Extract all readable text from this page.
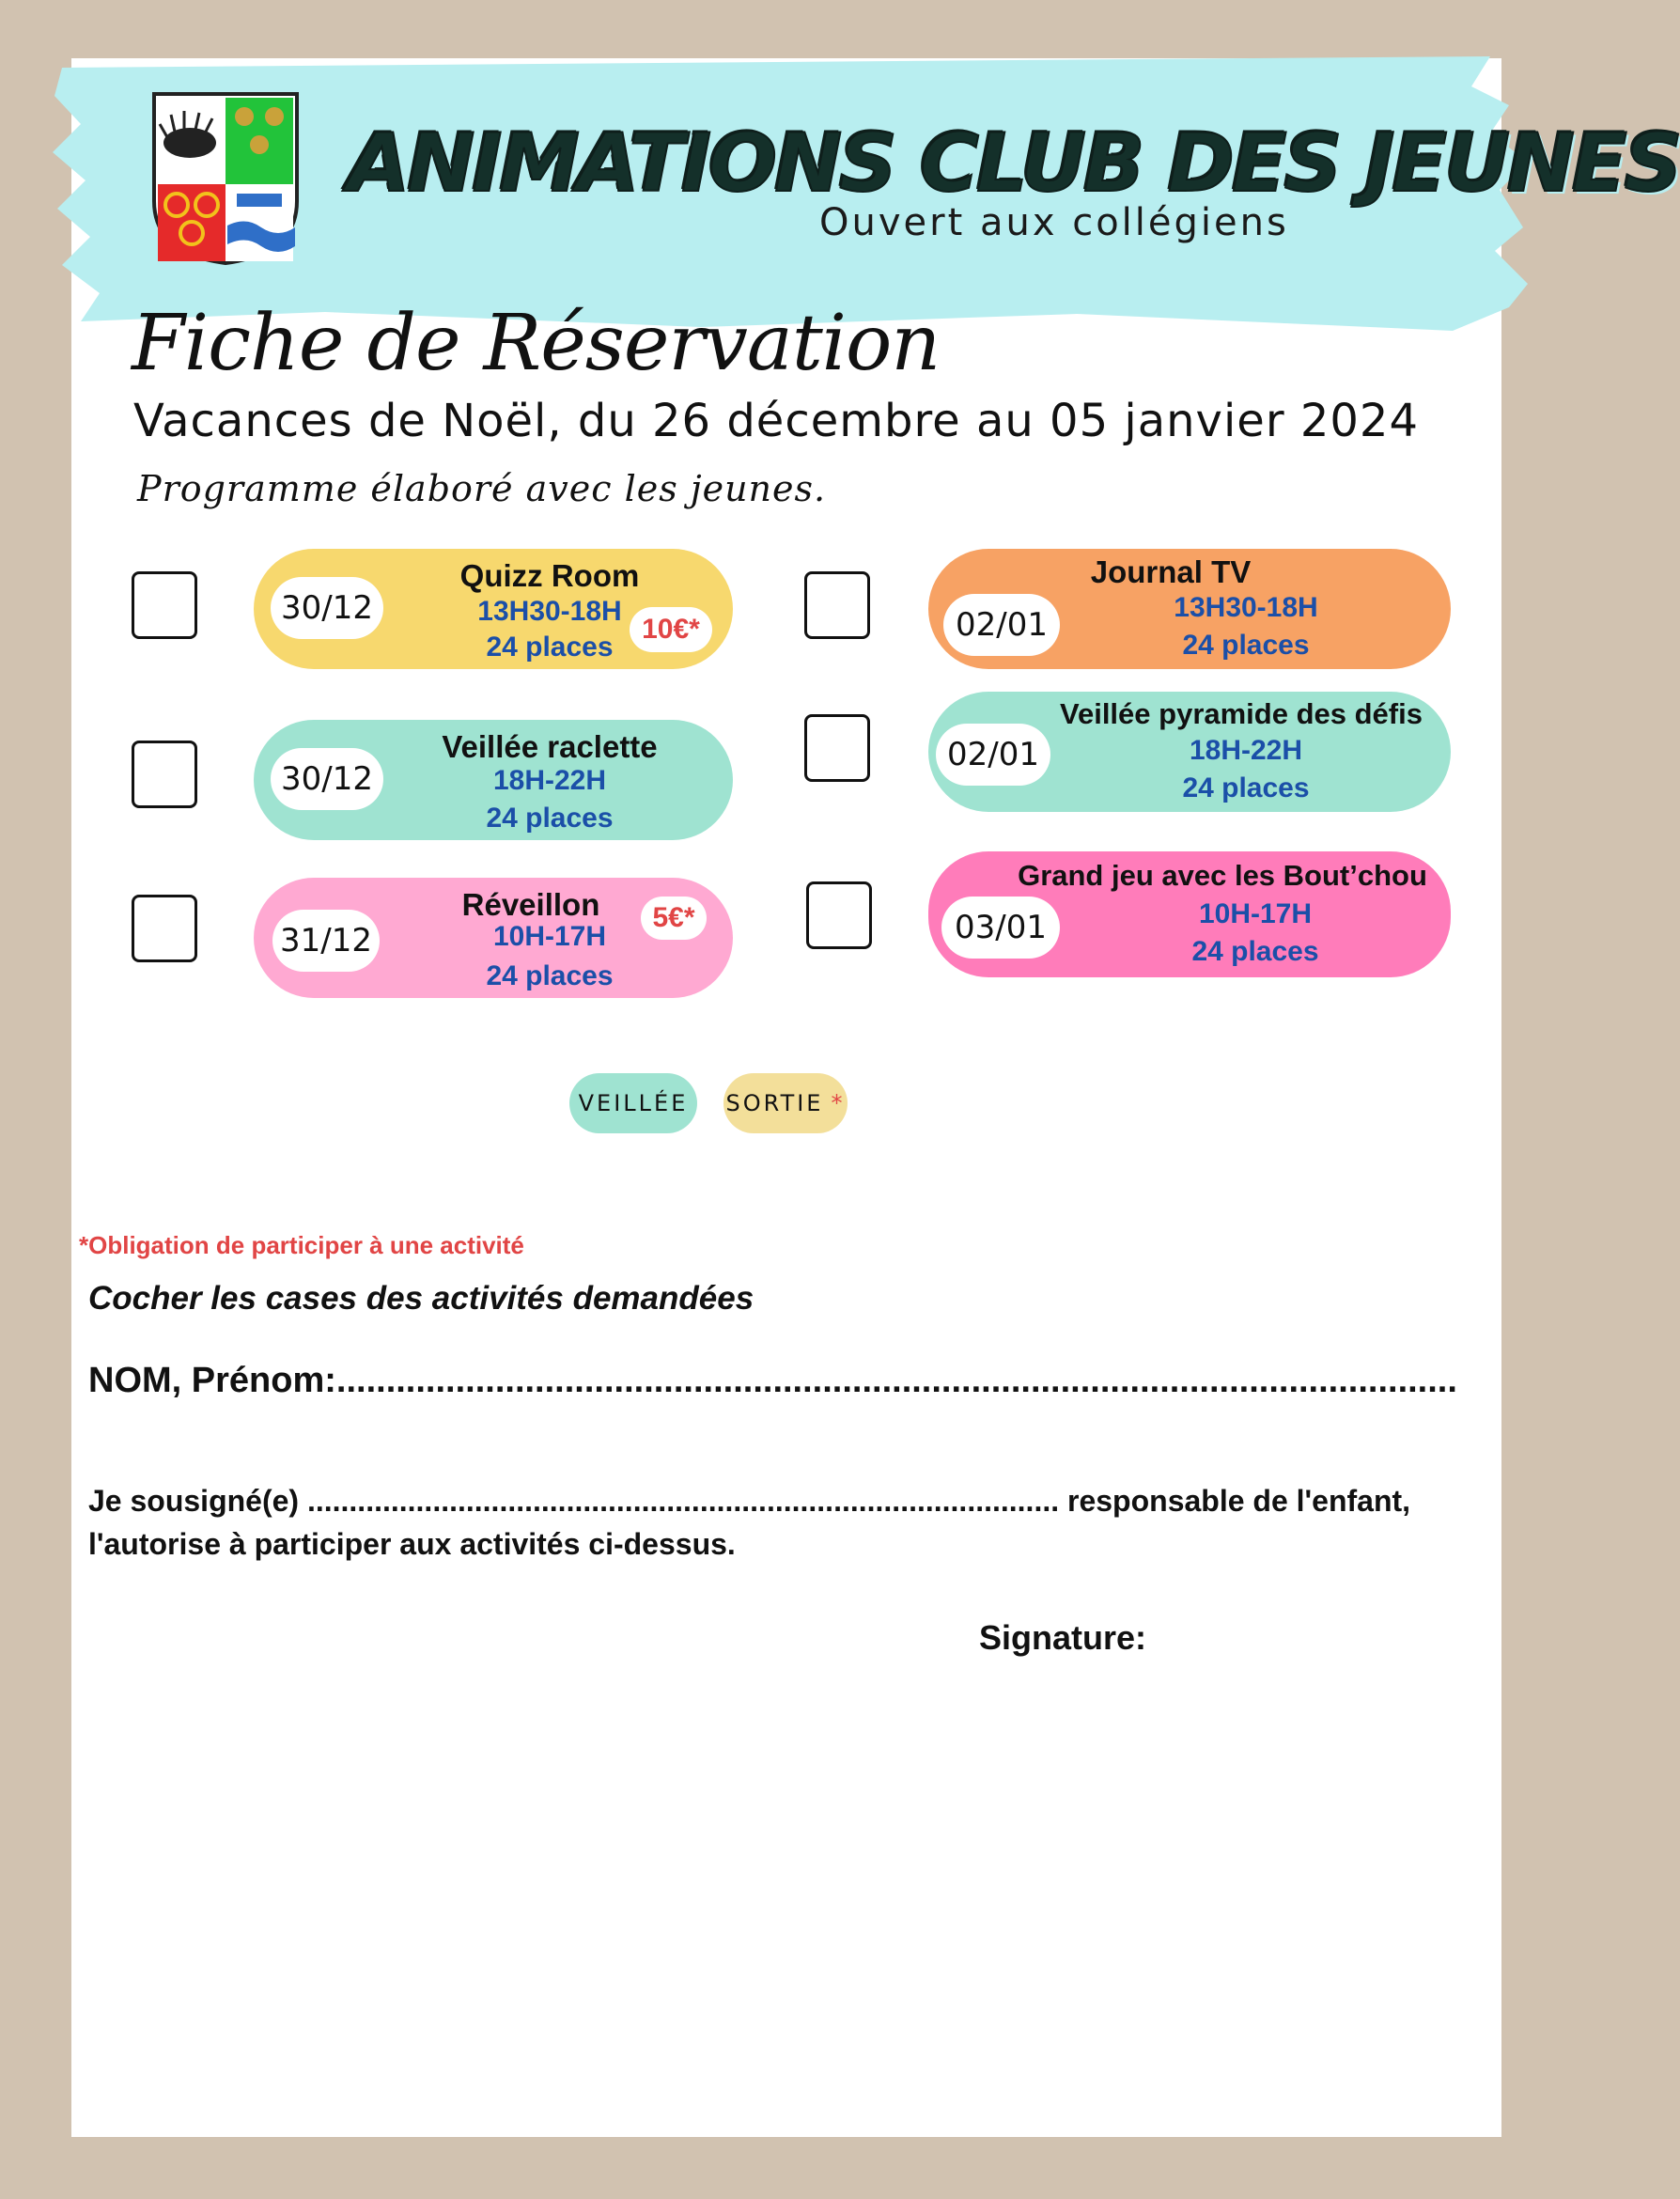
ANIMATIONS CLUB DES JEUNES
Ouvert aux collégiens
Fiche de Réservation
Vacances de Noël, du 26 décembre au 05 janvier 2024
Programme élaboré avec les jeunes.
30/12
Quizz Room
13H30-18H
24 places
10€*
30/12
Veillée raclette
18H-22H
24 places
31/12
Réveillon
10H-17H
24 places
5€*
02/01
Journal TV
13H30-18H
24 places
02/01
Veillée pyramide des défis
18H-22H
24 places
03/01
Grand jeu avec les Bout’chou
10H-17H
24 places
VEILLÉE SORTIE *
*Obligation de participer à une activité
Cocher les cases des activités demandées
NOM, Prénom:.................................................................................................................
Je sousigné(e) .......................................................................................... responsable de l'enfant,
l'autorise à participer aux activités ci-dessus.
Signature:
